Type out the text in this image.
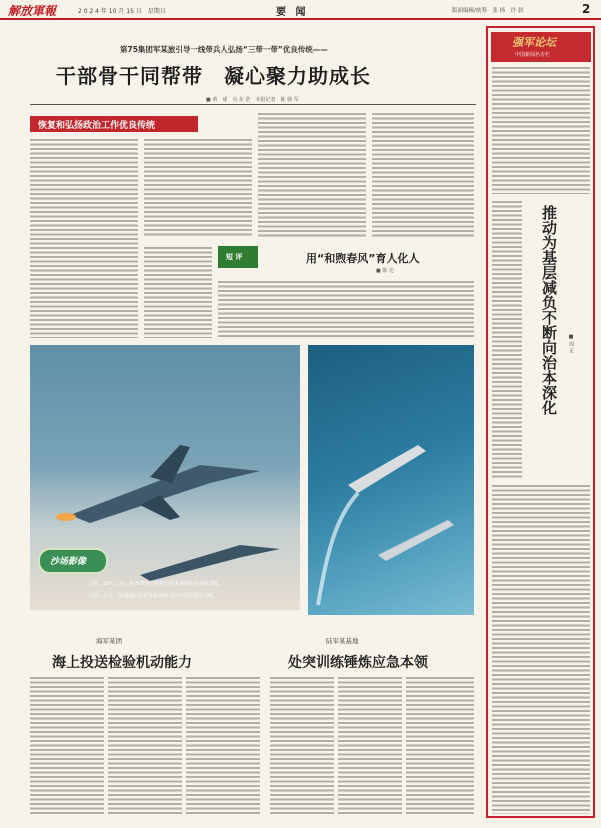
解放軍報	2 0 2 4 年 10 月 15 日　星期日	要 闻	版面编辑/统筹　张 扬　许 晨	2
第75集团军某旅引导一线带兵人弘扬“三带一带”优良传统——
干部骨干同帮带　凝心聚力助成长
■ 黄　成　吴 东 浩　本报记者　陈 韩 军
恢复和弘扬政治工作优良传统
短 评	用“和煦春风”育人化人
■ 陈 达
沙场影像
上图：10月上旬，东部战区空军航空兵某旅组织实战化训练。
右图：近日，东部战区海军某驱逐舰支队开展实战化训练。
海军某团
海上投送检验机动能力
陆军某基地
处突训练锤炼应急本领
强军论坛
中国新闻名专栏
推动为基层减负不断向治本深化 ■ 周 正
